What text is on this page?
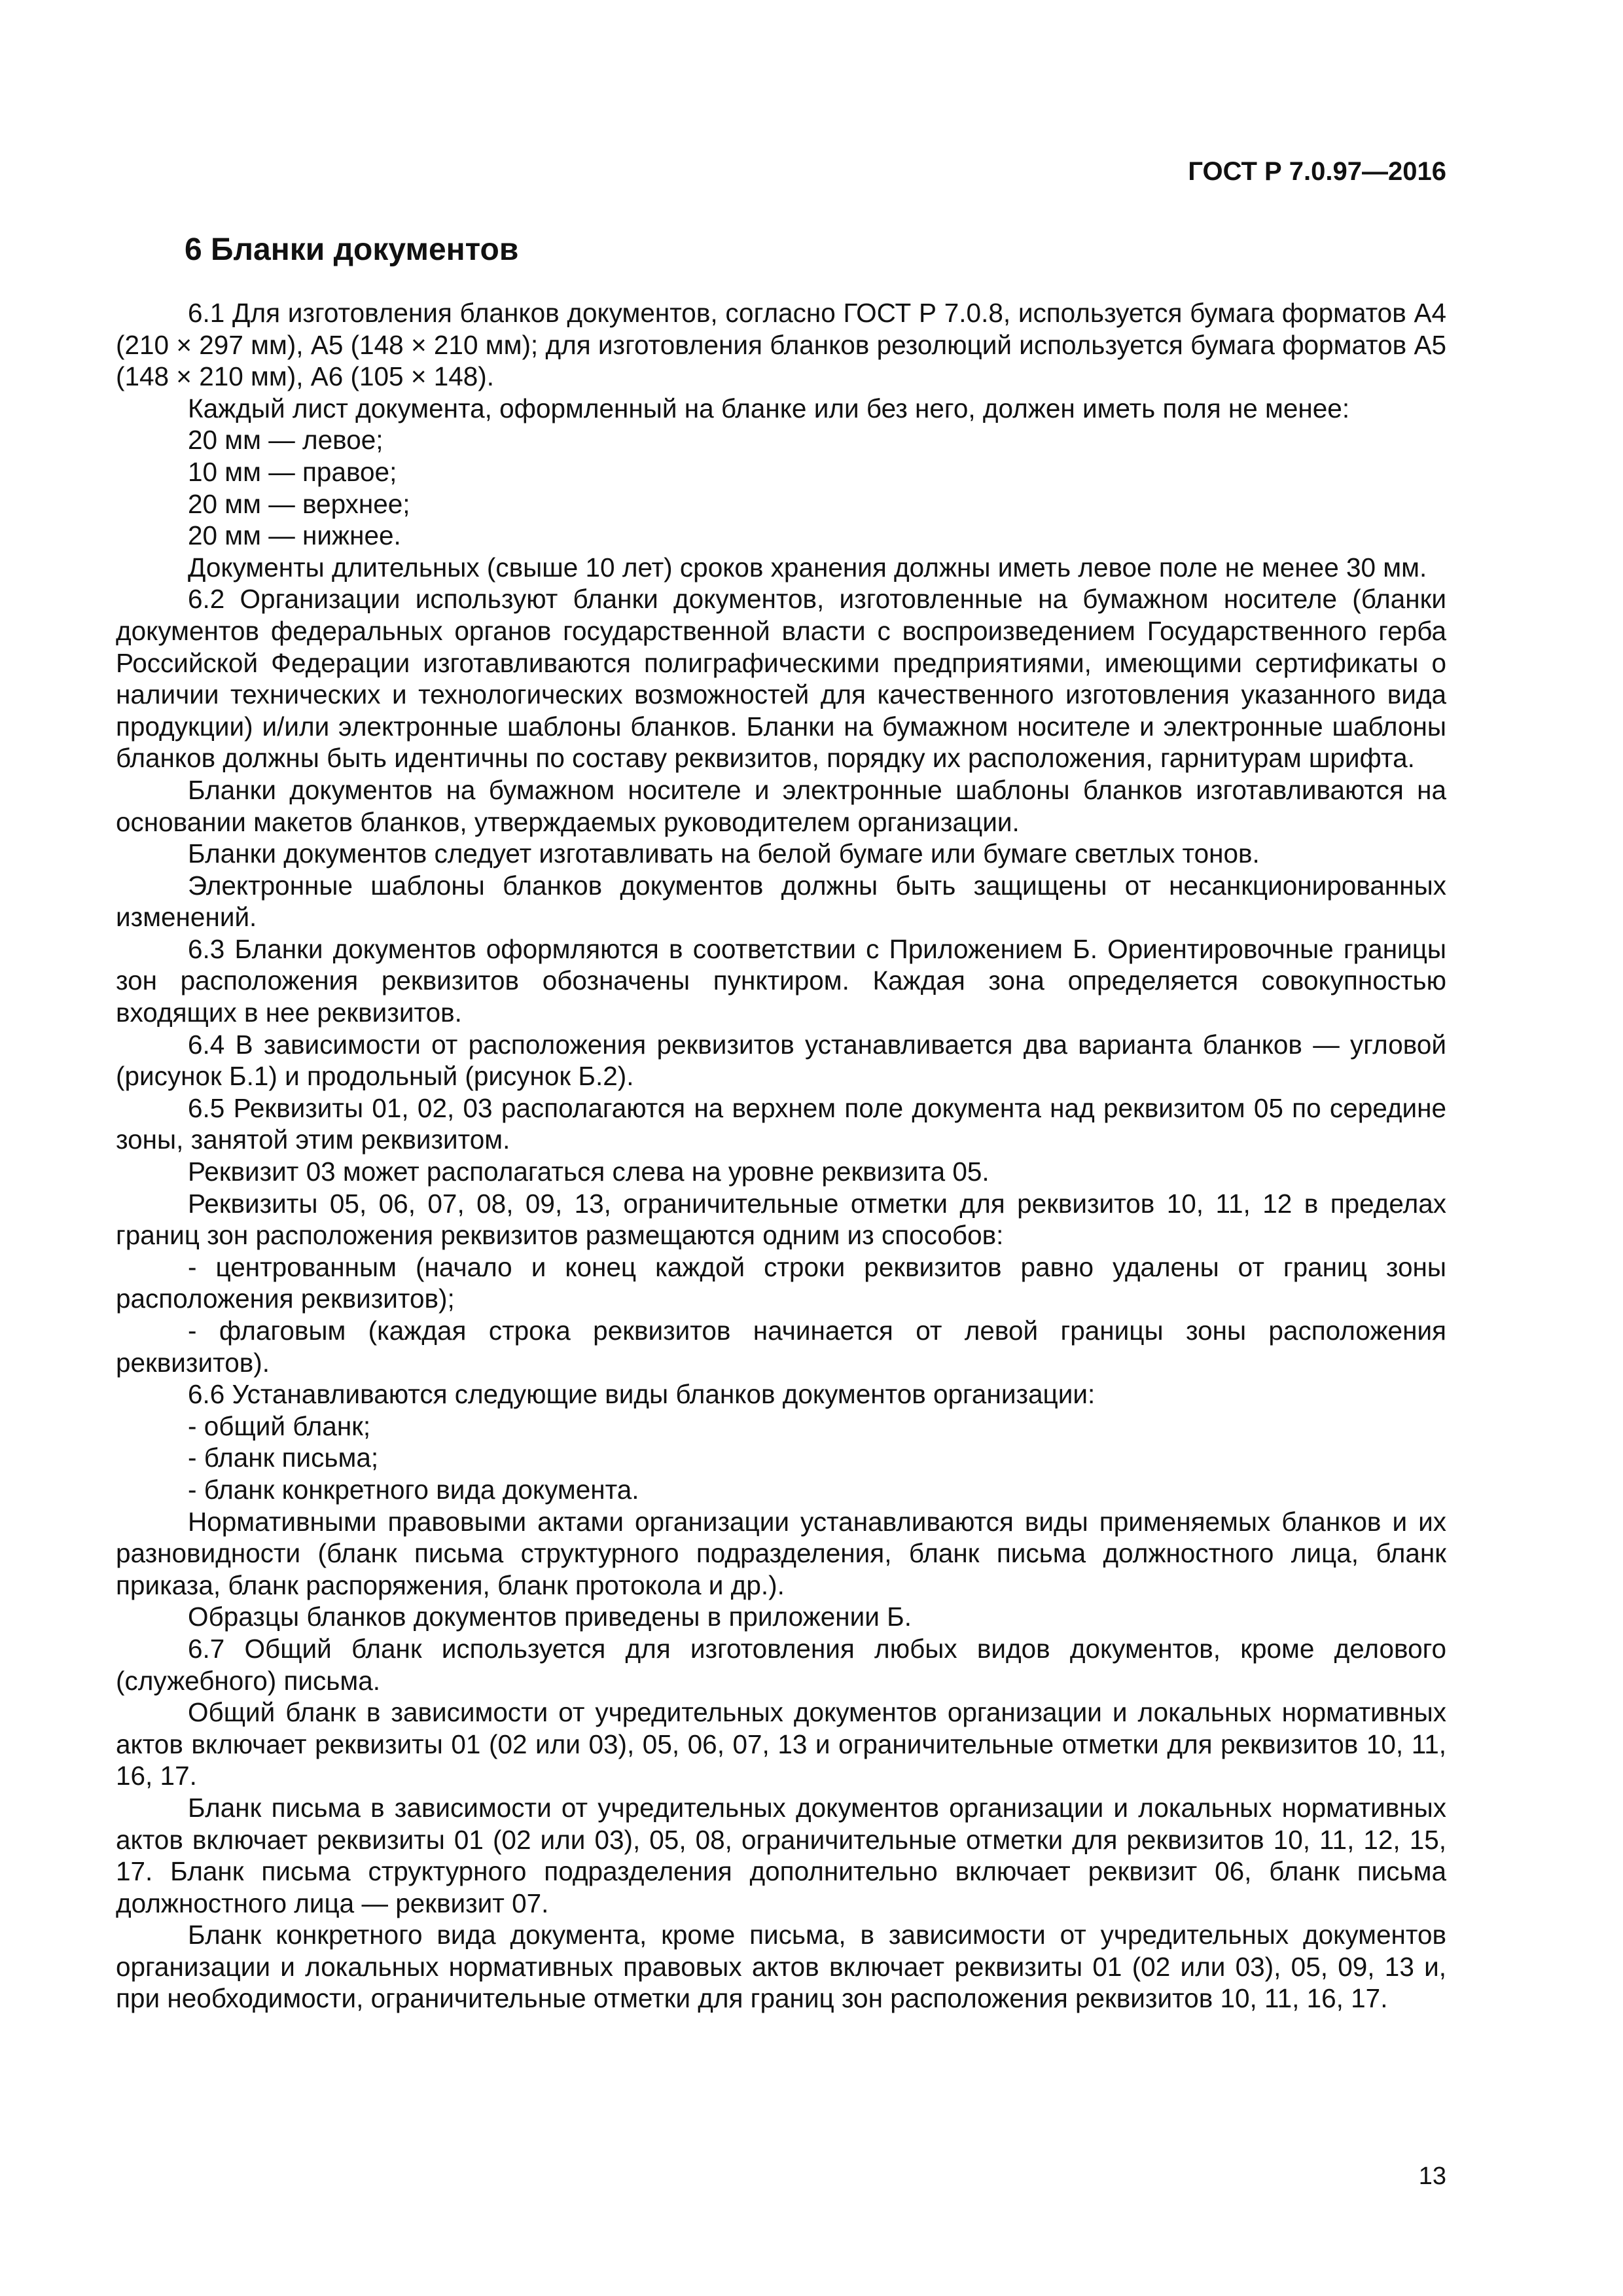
ГОСТ Р 7.0.97—2016
6 Бланки документов

6.1 Для изготовления бланков документов, согласно ГОСТ Р 7.0.8, используется бумага форматов А4 (210 × 297 мм), А5 (148 × 210 мм); для изготовления бланков резолюций используется бумага форматов А5 (148 × 210 мм), А6 (105 × 148).

Каждый лист документа, оформленный на бланке или без него, должен иметь поля не менее:

20 мм — левое;

10 мм — правое;

20 мм — верхнее;

20 мм — нижнее.

Документы длительных (свыше 10 лет) сроков хранения должны иметь левое поле не менее 30 мм.

6.2 Организации используют бланки документов, изготовленные на бумажном носителе (бланки документов федеральных органов государственной власти с воспроизведением Государственного герба Российской Федерации изготавливаются полиграфическими предприятиями, имеющими сертификаты о наличии технических и технологических возможностей для качественного изготовления указанного вида продукции) и/или электронные шаблоны бланков. Бланки на бумажном носителе и электронные шаблоны бланков должны быть идентичны по составу реквизитов, порядку их расположения, гарнитурам шрифта.

Бланки документов на бумажном носителе и электронные шаблоны бланков изготавливаются на основании макетов бланков, утверждаемых руководителем организации.

Бланки документов следует изготавливать на белой бумаге или бумаге светлых тонов.

Электронные шаблоны бланков документов должны быть защищены от несанкционированных изменений.

6.3 Бланки документов оформляются в соответствии с Приложением Б. Ориентировочные границы зон расположения реквизитов обозначены пунктиром. Каждая зона определяется совокупностью входящих в нее реквизитов.

6.4 В зависимости от расположения реквизитов устанавливается два варианта бланков — угловой (рисунок Б.1) и продольный (рисунок Б.2).

6.5 Реквизиты 01, 02, 03 располагаются на верхнем поле документа над реквизитом 05 по середине зоны, занятой этим реквизитом.

Реквизит 03 может располагаться слева на уровне реквизита 05.

Реквизиты 05, 06, 07, 08, 09, 13, ограничительные отметки для реквизитов 10, 11, 12 в пределах границ зон расположения реквизитов размещаются одним из способов:

- центрованным (начало и конец каждой строки реквизитов равно удалены от границ зоны расположения реквизитов);

- флаговым (каждая строка реквизитов начинается от левой границы зоны расположения реквизитов).

6.6 Устанавливаются следующие виды бланков документов организации:

- общий бланк;

- бланк письма;

- бланк конкретного вида документа.

Нормативными правовыми актами организации устанавливаются виды применяемых бланков и их разновидности (бланк письма структурного подразделения, бланк письма должностного лица, бланк приказа, бланк распоряжения, бланк протокола и др.).

Образцы бланков документов приведены в приложении Б.

6.7 Общий бланк используется для изготовления любых видов документов, кроме делового (служебного) письма.

Общий бланк в зависимости от учредительных документов организации и локальных нормативных актов включает реквизиты 01 (02 или 03), 05, 06, 07, 13 и ограничительные отметки для реквизитов 10, 11, 16, 17.

Бланк письма в зависимости от учредительных документов организации и локальных нормативных актов включает реквизиты 01 (02 или 03), 05, 08, ограничительные отметки для реквизитов 10, 11, 12, 15, 17. Бланк письма структурного подразделения дополнительно включает реквизит 06, бланк письма должностного лица — реквизит 07.

Бланк конкретного вида документа, кроме письма, в зависимости от учредительных документов организации и локальных нормативных правовых актов включает реквизиты 01 (02 или 03), 05, 09, 13 и, при необходимости, ограничительные отметки для границ зон расположения реквизитов 10, 11, 16, 17.

13
